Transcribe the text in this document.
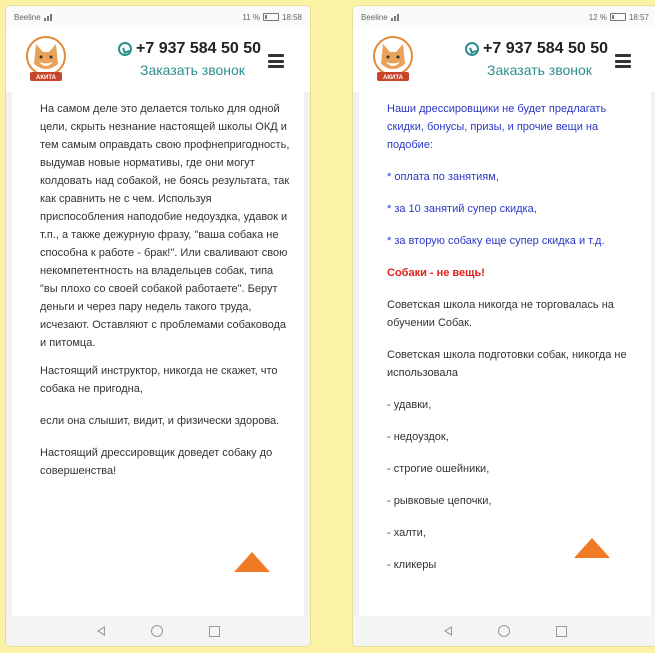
Beeline	11 %	18:58
АКИТА
+7 937 584 50 50
Заказать звонок

На самом деле это делается только для одной цели, скрыть незнание настоящей школы ОКД и тем самым оправдать свою профнепригодность, выдумав новые нормативы, где они могут колдовать над собакой, не боясь результата, так как сравнить не с чем. Используя приспособления наподобие недоуздка, удавок и т.п., а также дежурную фразу, "ваша собака не способна к работе - брак!". Или сваливают свою некомпетентность на владельцев собак, типа "вы плохо со своей собакой работаете". Берут деньги и через пару недель такого труда, исчезают. Оставляют с проблемами собаковода и питомца.

Настоящий инструктор, никогда не скажет, что собака не пригодна,

если она слышит, видит, и физически здорова.

Настоящий дрессировщик доведет собаку до совершенства!

Beeline	12 %	18:57
АКИТА
+7 937 584 50 50
Заказать звонок

Наши дрессировщики не будет предлагать скидки, бонусы, призы, и прочие вещи на подобие:

* оплата по занятиям,

* за 10 занятий супер скидка,

* за вторую собаку еще супер скидка и т.д.

Собаки - не вещь!

Советская школа никогда не торговалась на обучении Собак.

Советская школа подготовки собак, никогда не использовала

- удавки,

- недоуздок,

- строгие ошейники,

- рывковые цепочки,

- халти,

- кликеры
